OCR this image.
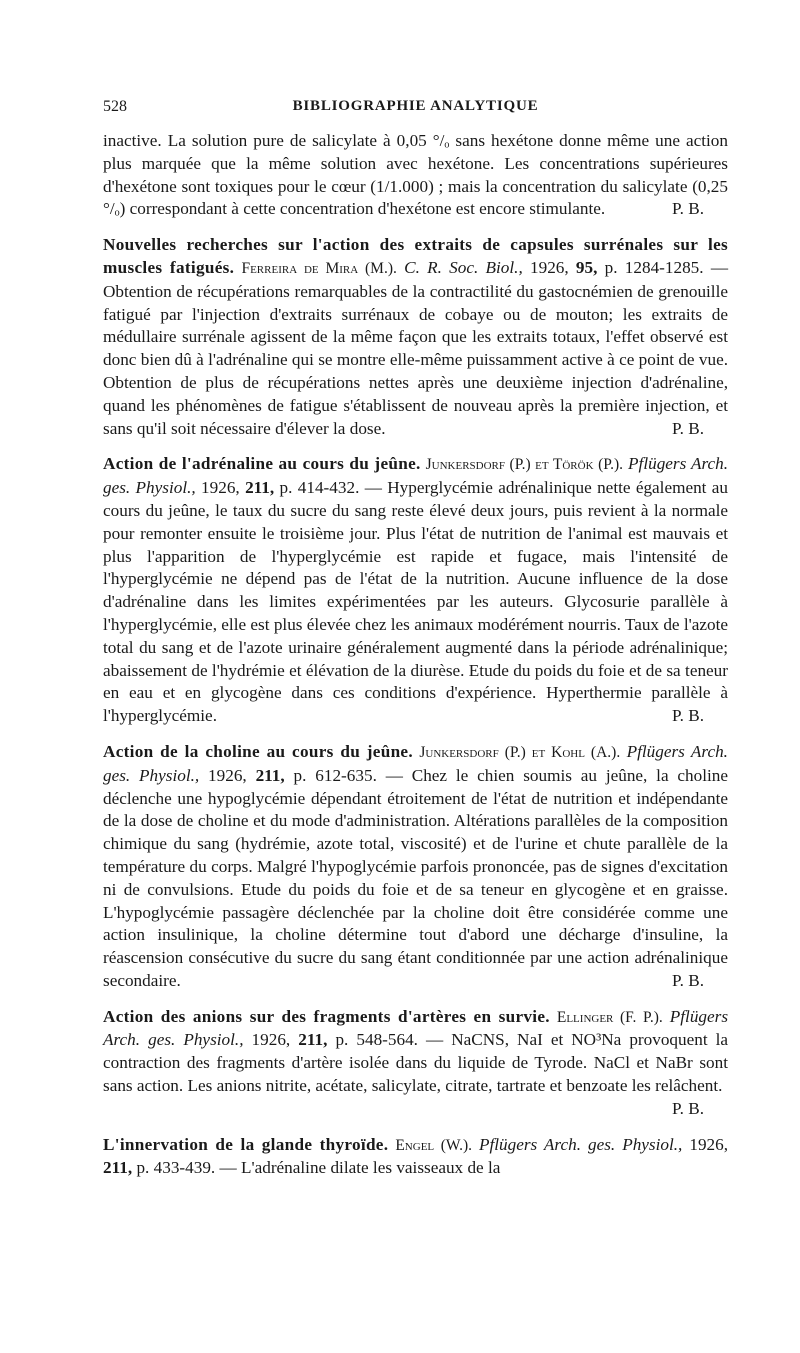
528	BIBLIOGRAPHIE ANALYTIQUE

inactive. La solution pure de salicylate à 0,05 °/ₒ sans hexétone donne même une action plus marquée que la même solution avec hexétone. Les concentrations supérieures d'hexétone sont toxiques pour le cœur (1/1.000) ; mais la concentration du salicylate (0,25 °/ₒ) correspondant à cette concentration d'hexétone est encore stimulante.	P. B.

Nouvelles recherches sur l'action des extraits de capsules surrénales sur les muscles fatigués. Ferreira de Mira (M.). C. R. Soc. Biol., 1926, 95, p. 1284-1285. — Obtention de récupérations remarquables de la contractilité du gastocnémien de grenouille fatigué par l'injection d'extraits surrénaux de cobaye ou de mouton; les extraits de médullaire surrénale agissent de la même façon que les extraits totaux, l'effet observé est donc bien dû à l'adrénaline qui se montre elle-même puissamment active à ce point de vue. Obtention de plus de récupérations nettes après une deuxième injection d'adrénaline, quand les phénomènes de fatigue s'établissent de nouveau après la première injection, et sans qu'il soit nécessaire d'élever la dose.	P. B.

Action de l'adrénaline au cours du jeûne. Junkersdorf (P.) et Török (P.). Pflügers Arch. ges. Physiol., 1926, 211, p. 414-432. — Hyperglycémie adrénalinique nette également au cours du jeûne, le taux du sucre du sang reste élevé deux jours, puis revient à la normale pour remonter ensuite le troisième jour. Plus l'état de nutrition de l'animal est mauvais et plus l'apparition de l'hyperglycémie est rapide et fugace, mais l'intensité de l'hyperglycémie ne dépend pas de l'état de la nutrition. Aucune influence de la dose d'adrénaline dans les limites expérimentées par les auteurs. Glycosurie parallèle à l'hyperglycémie, elle est plus élevée chez les animaux modérément nourris. Taux de l'azote total du sang et de l'azote urinaire généralement augmenté dans la période adrénalinique; abaissement de l'hydrémie et élévation de la diurèse. Etude du poids du foie et de sa teneur en eau et en glycogène dans ces conditions d'expérience. Hyperthermie parallèle à l'hyperglycémie.	P. B.

Action de la choline au cours du jeûne. Junkersdorf (P.) et Kohl (A.). Pflügers Arch. ges. Physiol., 1926, 211, p. 612-635. — Chez le chien soumis au jeûne, la choline déclenche une hypoglycémie dépendant étroitement de l'état de nutrition et indépendante de la dose de choline et du mode d'administration. Altérations parallèles de la composition chimique du sang (hydrémie, azote total, viscosité) et de l'urine et chute parallèle de la température du corps. Malgré l'hypoglycémie parfois prononcée, pas de signes d'excitation ni de convulsions. Etude du poids du foie et de sa teneur en glycogène et en graisse. L'hypoglycémie passagère déclenchée par la choline doit être considérée comme une action insulinique, la choline détermine tout d'abord une décharge d'insuline, la réascension consécutive du sucre du sang étant conditionnée par une action adrénalinique secondaire.	P. B.

Action des anions sur des fragments d'artères en survie. Ellinger (F. P.). Pflügers Arch. ges. Physiol., 1926, 211, p. 548-564. — NaCNS, NaI et NO³Na provoquent la contraction des fragments d'artère isolée dans du liquide de Tyrode. NaCl et NaBr sont sans action. Les anions nitrite, acétate, salicylate, citrate, tartrate et benzoate les relâchent.
P. B.

L'innervation de la glande thyroïde. Engel (W.). Pflügers Arch. ges. Physiol., 1926, 211, p. 433-439. — L'adrénaline dilate les vaisseaux de la
